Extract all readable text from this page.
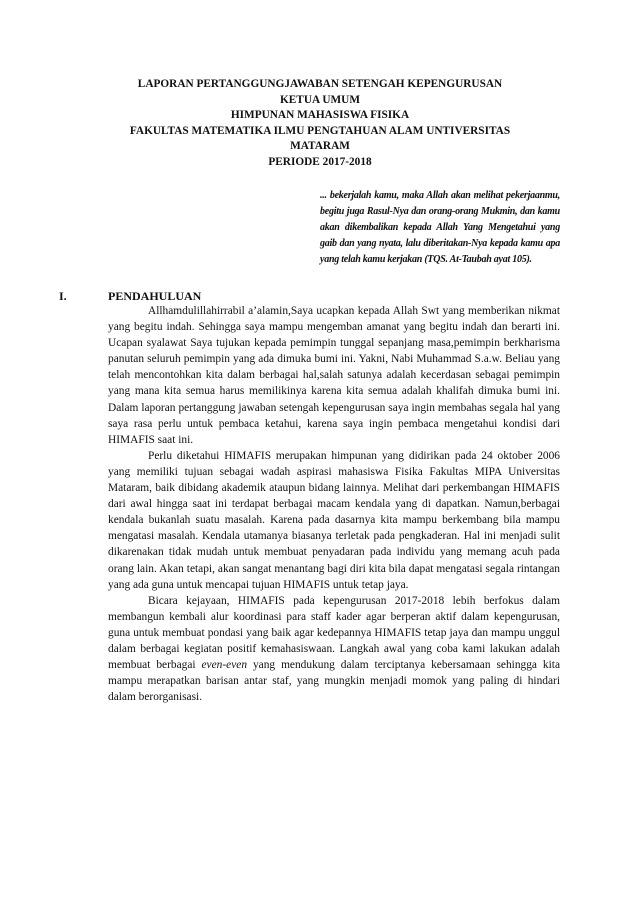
LAPORAN PERTANGGUNGJAWABAN SETENGAH KEPENGURUSAN
KETUA UMUM
HIMPUNAN MAHASISWA FISIKA
FAKULTAS MATEMATIKA ILMU PENGTAHUAN ALAM UNTIVERSITAS
MATARAM
PERIODE 2017-2018
... bekerjalah kamu, maka Allah akan melihat pekerjaanmu, begitu juga Rasul-Nya dan orang-orang Mukmin, dan kamu akan dikembalikan kepada Allah Yang Mengetahui yang gaib dan yang nyata, lalu diberitakan-Nya kepada kamu apa yang telah kamu kerjakan (TQS. At-Taubah ayat 105).
I.	PENDAHULUAN

Allhamdulillahirrabil a’alamin,Saya ucapkan kepada Allah Swt yang memberikan nikmat yang begitu indah. Sehingga saya mampu mengemban amanat yang begitu indah dan berarti ini. Ucapan syalawat Saya tujukan kepada pemimpin tunggal sepanjang masa,pemimpin berkharisma panutan seluruh pemimpin yang ada dimuka bumi ini. Yakni, Nabi Muhammad S.a.w. Beliau yang telah mencontohkan kita dalam berbagai hal,salah satunya adalah kecerdasan sebagai pemimpin yang mana kita semua harus memilikinya karena kita semua adalah khalifah dimuka bumi ini. Dalam laporan pertanggung jawaban setengah kepengurusan saya ingin membahas segala hal yang saya rasa perlu untuk pembaca ketahui, karena saya ingin pembaca mengetahui kondisi dari HIMAFIS saat ini.

Perlu diketahui HIMAFIS merupakan himpunan yang didirikan pada 24 oktober 2006 yang memiliki tujuan sebagai wadah aspirasi mahasiswa Fisika Fakultas MIPA Universitas Mataram, baik dibidang akademik ataupun bidang lainnya. Melihat dari perkembangan HIMAFIS dari awal hingga saat ini terdapat berbagai macam kendala yang di dapatkan. Namun,berbagai kendala bukanlah suatu masalah. Karena pada dasarnya kita mampu berkembang bila mampu mengatasi masalah. Kendala utamanya biasanya terletak pada pengkaderan. Hal ini menjadi sulit dikarenakan tidak mudah untuk membuat penyadaran pada individu yang memang acuh pada orang lain. Akan tetapi, akan sangat menantang bagi diri kita bila dapat mengatasi segala rintangan yang ada guna untuk mencapai tujuan HIMAFIS untuk tetap jaya.

Bicara kejayaan, HIMAFIS pada kepengurusan 2017-2018 lebih berfokus dalam membangun kembali alur koordinasi para staff kader agar berperan aktif dalam kepengurusan, guna untuk membuat pondasi yang baik agar kedepannya HIMAFIS tetap jaya dan mampu unggul dalam berbagai kegiatan positif kemahasiswaan. Langkah awal yang coba kami lakukan adalah membuat berbagai even-even yang mendukung dalam terciptanya kebersamaan sehingga kita mampu merapatkan barisan antar staf, yang mungkin menjadi momok yang paling di hindari dalam berorganisasi.
